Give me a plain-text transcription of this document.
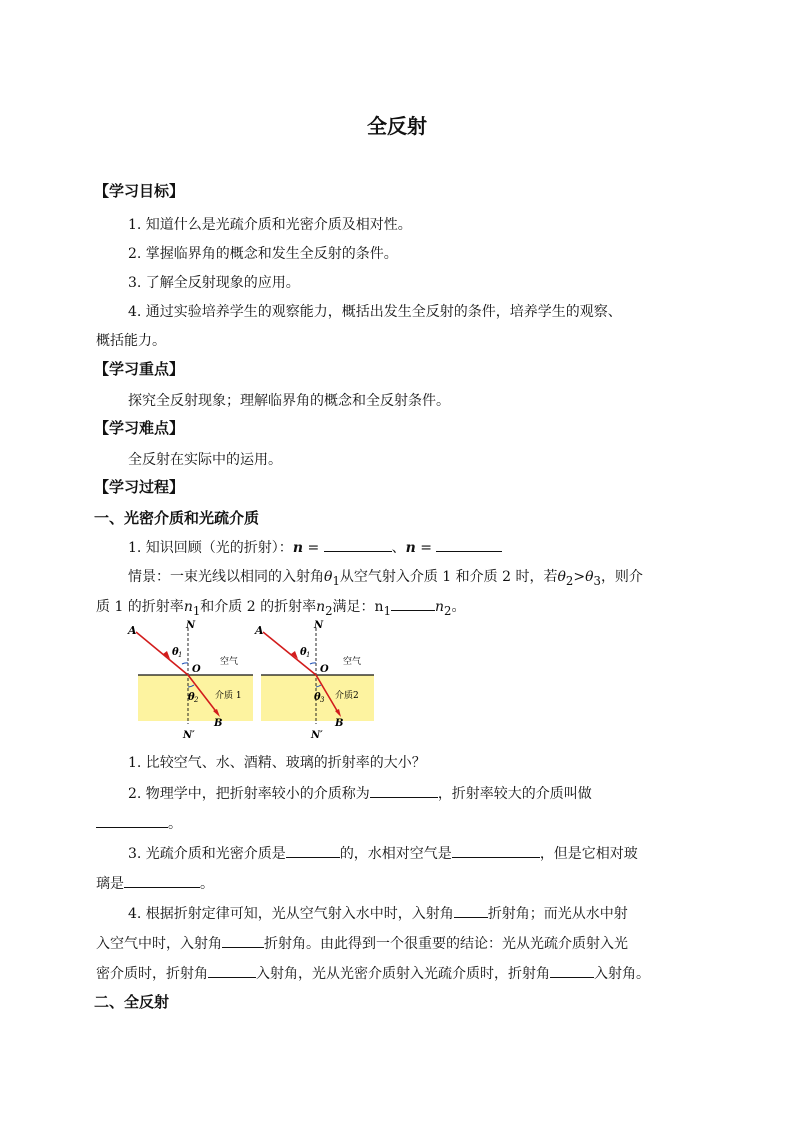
全反射
【学习目标】
1. 知道什么是光疏介质和光密介质及相对性。
2. 掌握临界角的概念和发生全反射的条件。
3. 了解全反射现象的应用。
4. 通过实验培养学生的观察能力，概括出发生全反射的条件，培养学生的观察、
概括能力。
【学习重点】
探究全反射现象；理解临界角的概念和全反射条件。
【学习难点】
全反射在实际中的运用。
【学习过程】
一、光密介质和光疏介质
1. 知识回顾（光的折射）：n =	、n =
情景：一束光线以相同的入射角$\theta_1$从空气射入介质 1 和介质 2 时，若$\theta_2>\theta_3$，则介
质 1 的折射率$n_1$和介质 2 的折射率$n_2$满足：$n_1$	$n_2$。
A	N
θ 1
O
空气
θ 2 介质 1
B
N′
A	N
θ 1
O
空气
θ 3 介质2
B
N′
1. 比较空气、水、酒精、玻璃的折射率的大小？
2. 物理学中，把折射率较小的介质称为	，折射率较大的介质叫做
。
3. 光疏介质和光密介质是	的，水相对空气是	，但是它相对玻
璃是	。
4. 根据折射定律可知，光从空气射入水中时，入射角 折射角；而光从水中射
入空气中时，入射角	折射角。由此得到一个很重要的结论：光从光疏介质射入光
密介质时，折射角	入射角，光从光密介质射入光疏介质时，折射角	入射角。
二、全反射
